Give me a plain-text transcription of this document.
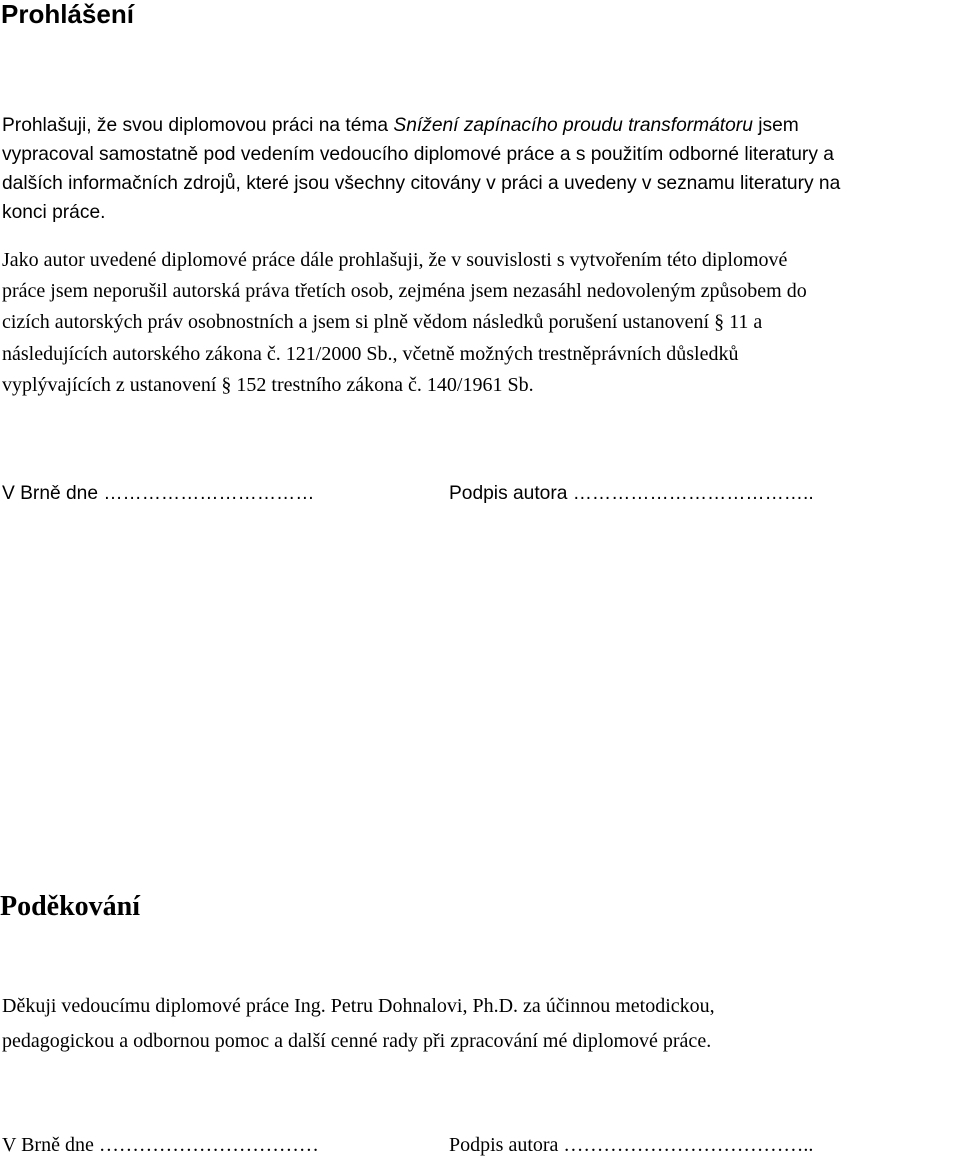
Prohlášení
Prohlašuji, že svou diplomovou práci na téma Snížení zapínacího proudu transformátoru jsem
vypracoval samostatně pod vedením vedoucího diplomové práce a s použitím odborné literatury a
dalších informačních zdrojů, které jsou všechny citovány v práci a uvedeny v seznamu literatury na
konci práce.
Jako autor uvedené diplomové práce dále prohlašuji, že v souvislosti s vytvořením této diplomové
práce jsem neporušil autorská práva třetích osob, zejména jsem nezasáhl nedovoleným způsobem do
cizích autorských práv osobnostních a jsem si plně vědom následků porušení ustanovení § 11 a
následujících autorského zákona č. 121/2000 Sb., včetně možných trestněprávních důsledků
vyplývajících z ustanovení § 152 trestního zákona č. 140/1961 Sb.
V Brně dne ……………………………	Podpis autora ………………………………..
Poděkování
Děkuji vedoucímu diplomové práce Ing. Petru Dohnalovi, Ph.D. za účinnou metodickou,
pedagogickou a odbornou pomoc a další cenné rady při zpracování mé diplomové práce.
V Brně dne ……………………………	Podpis autora ………………………………..
